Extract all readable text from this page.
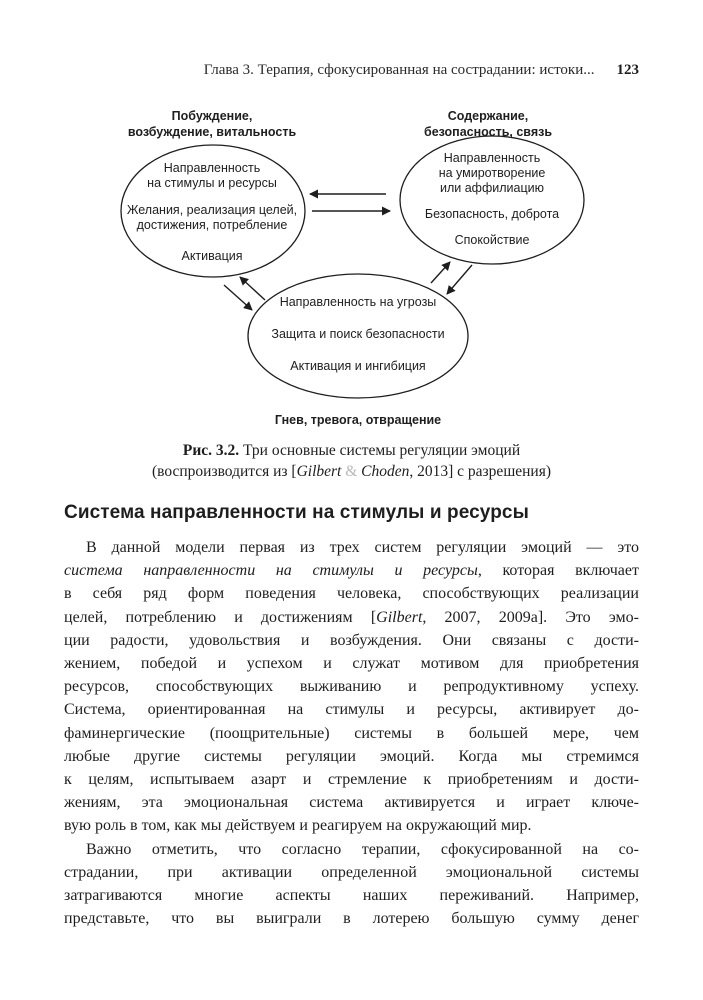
Глава 3. Терапия, сфокусированная на сострадании: истоки... 123
Побуждение,
возбуждение, витальность
Направленность
на стимулы и ресурсы
Желания, реализация целей,
достижения, потребление
Активация
Содержание,
безопасность, связь
Направленность
на умиротворение
или аффилиацию
Безопасность, доброта
Спокойствие
Направленность на угрозы
Защита и поиск безопасности
Активация и ингибиция
Гнев, тревога, отвращение
Рис. 3.2. Три основные системы регуляции эмоций
(воспроизводится из [Gilbert & Choden, 2013] с разрешения)
Система направленности на стимулы и ресурсы

В данной модели первая из трех систем регуляции эмоций — это
система направленности на стимулы и ресурсы, которая включает
в себя ряд форм поведения человека, способствующих реализации
целей, потреблению и достижениям [Gilbert, 2007, 2009a]. Это эмо-
ции радости, удовольствия и возбуждения. Они связаны с дости-
жением, победой и успехом и служат мотивом для приобретения
ресурсов, способствующих выживанию и репродуктивному успеху.
Система, ориентированная на стимулы и ресурсы, активирует до-
фаминергические (поощрительные) системы в большей мере, чем
любые другие системы регуляции эмоций. Когда мы стремимся
к целям, испытываем азарт и стремление к приобретениям и дости-
жениям, эта эмоциональная система активируется и играет ключе-
вую роль в том, как мы действуем и реагируем на окружающий мир.

Важно отметить, что согласно терапии, сфокусированной на со-
страдании, при активации определенной эмоциональной системы
затрагиваются многие аспекты наших переживаний. Например,
представьте, что вы выиграли в лотерею большую сумму денег
